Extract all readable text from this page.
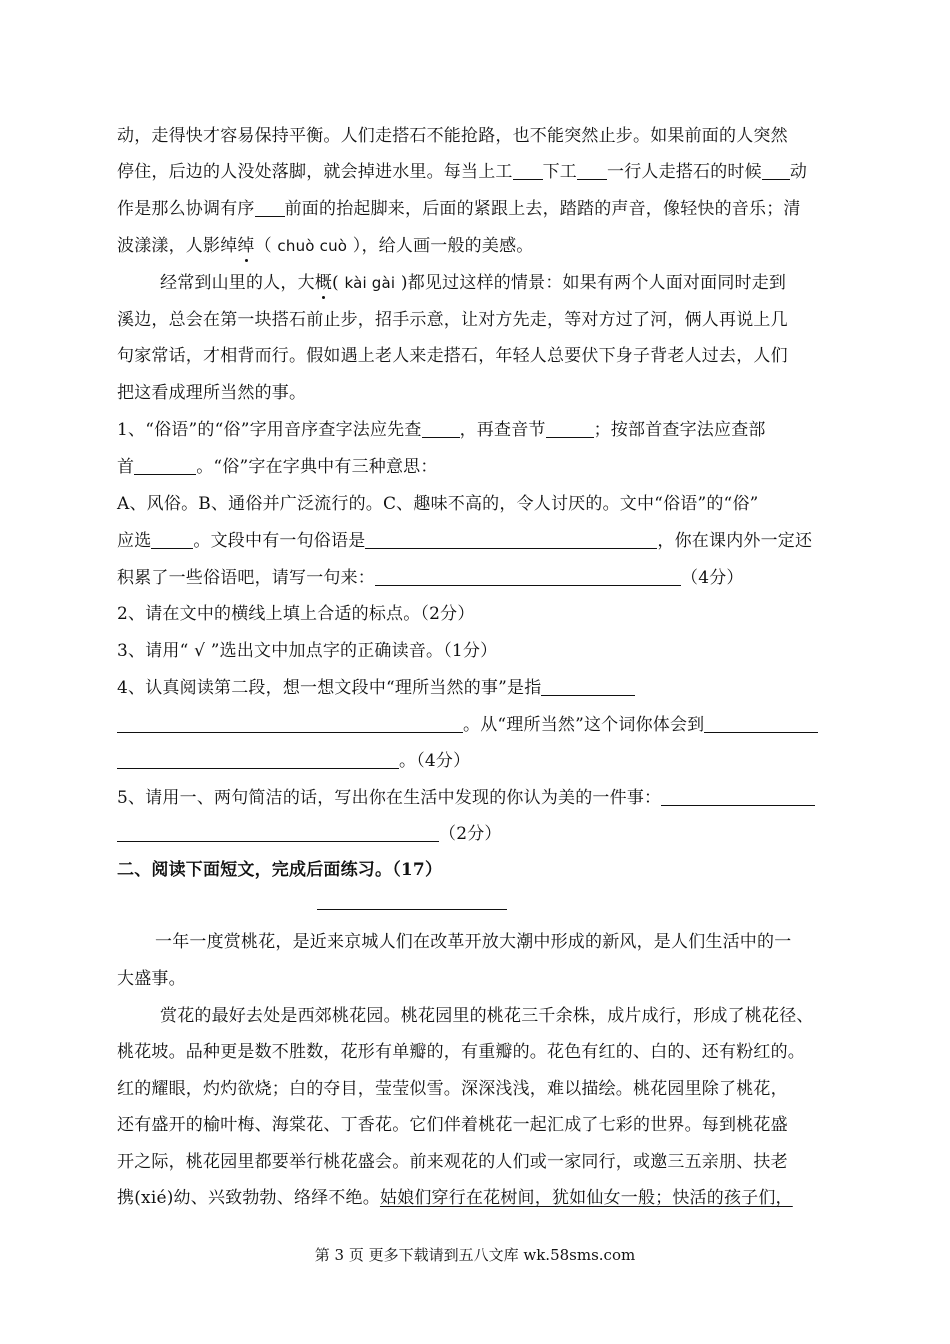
动，走得快才容易保持平衡。人们走搭石不能抢路，也不能突然止步。如果前面的人突然
停住，后边的人没处落脚，就会掉进水里。每当上工 下工 一行人走搭石的时候 动
作是那么协调有序 前面的抬起脚来，后面的紧跟上去，踏踏的声音，像轻快的音乐；清
波漾漾，人影绰绰（ chuò cuò ），给人画一般的美感。
经常到山里的人，大概( kài gài )都见过这样的情景：如果有两个人面对面同时走到
溪边，总会在第一块搭石前止步，招手示意，让对方先走，等对方过了河，俩人再说上几
句家常话，才相背而行。假如遇上老人来走搭石，年轻人总要伏下身子背老人过去，人们
把这看成理所当然的事。
1、“俗语”的“俗”字用音序查字法应先查 ，再查音节	；按部首查字法应查部
首	。“俗”字在字典中有三种意思：
A、风俗。B、通俗并广泛流行的。C、趣味不高的，令人讨厌的。文中“俗语”的“俗”
应选 。文段中有一句俗语是	，你在课内外一定还
积累了一些俗语吧，请写一句来：	（4分）
2、请在文中的横线上填上合适的标点。（2分）
3、请用“ √ ”选出文中加点字的正确读音。（1分）
4、认真阅读第二段，想一想文段中“理所当然的事”是指
。从“理所当然”这个词你体会到
。（4分）
5、请用一、两句简洁的话，写出你在生活中发现的你认为美的一件事：
（2分）
二、阅读下面短文，完成后面练习。（17）
一年一度赏桃花，是近来京城人们在改革开放大潮中形成的新风，是人们生活中的一
大盛事。
赏花的最好去处是西郊桃花园。桃花园里的桃花三千余株，成片成行，形成了桃花径、
桃花坡。品种更是数不胜数，花形有单瓣的，有重瓣的。花色有红的、白的、还有粉红的。
红的耀眼，灼灼欲烧；白的夺目，莹莹似雪。深深浅浅，难以描绘。桃花园里除了桃花，
还有盛开的榆叶梅、海棠花、丁香花。它们伴着桃花一起汇成了七彩的世界。每到桃花盛
开之际，桃花园里都要举行桃花盛会。前来观花的人们或一家同行，或邀三五亲朋、扶老
携(xié)幼、兴致勃勃、络绎不绝。姑娘们穿行在花树间，犹如仙女一般；快活的孩子们，
第 3 页 更多下载请到五八文库 wk.58sms.com
